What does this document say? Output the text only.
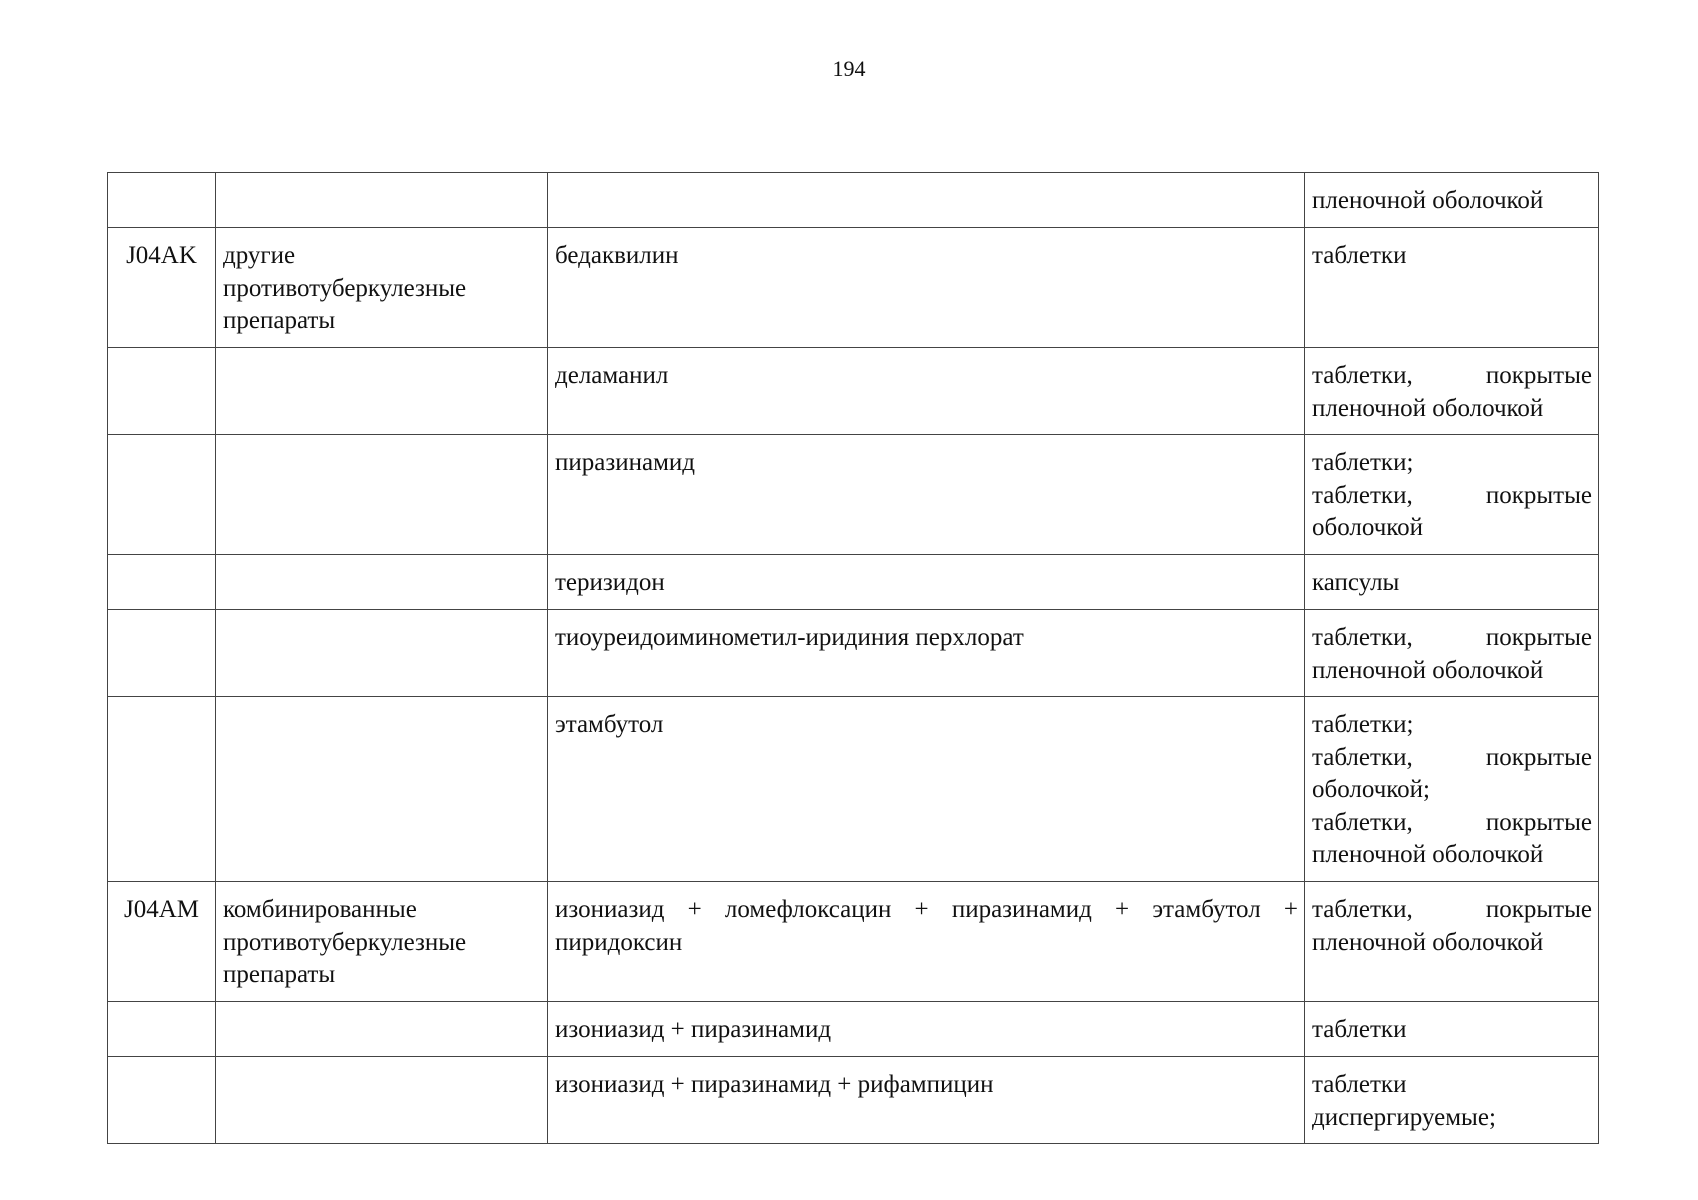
194

			пленочной оболочкой

J04AK	другие противотуберкулезные препараты	бедаквилин	таблетки

		деламанил	таблетки, покрытые
пленочной оболочкой

		пиразинамид	таблетки;
таблетки, покрытые
оболочкой

		теризидон	капсулы

		тиоуреидоиминометил-иридиния перхлорат	таблетки, покрытые
пленочной оболочкой

		этамбутол	таблетки;
таблетки, покрытые
оболочкой;
таблетки, покрытые
пленочной оболочкой

J04AM	комбинированные противотуберкулезные препараты	изониазид + ломефлоксацин + пиразинамид + этамбутол + пиридоксин	таблетки, покрытые
пленочной оболочкой

		изониазид + пиразинамид	таблетки

		изониазид + пиразинамид + рифампицин	таблетки
диспергируемые;
